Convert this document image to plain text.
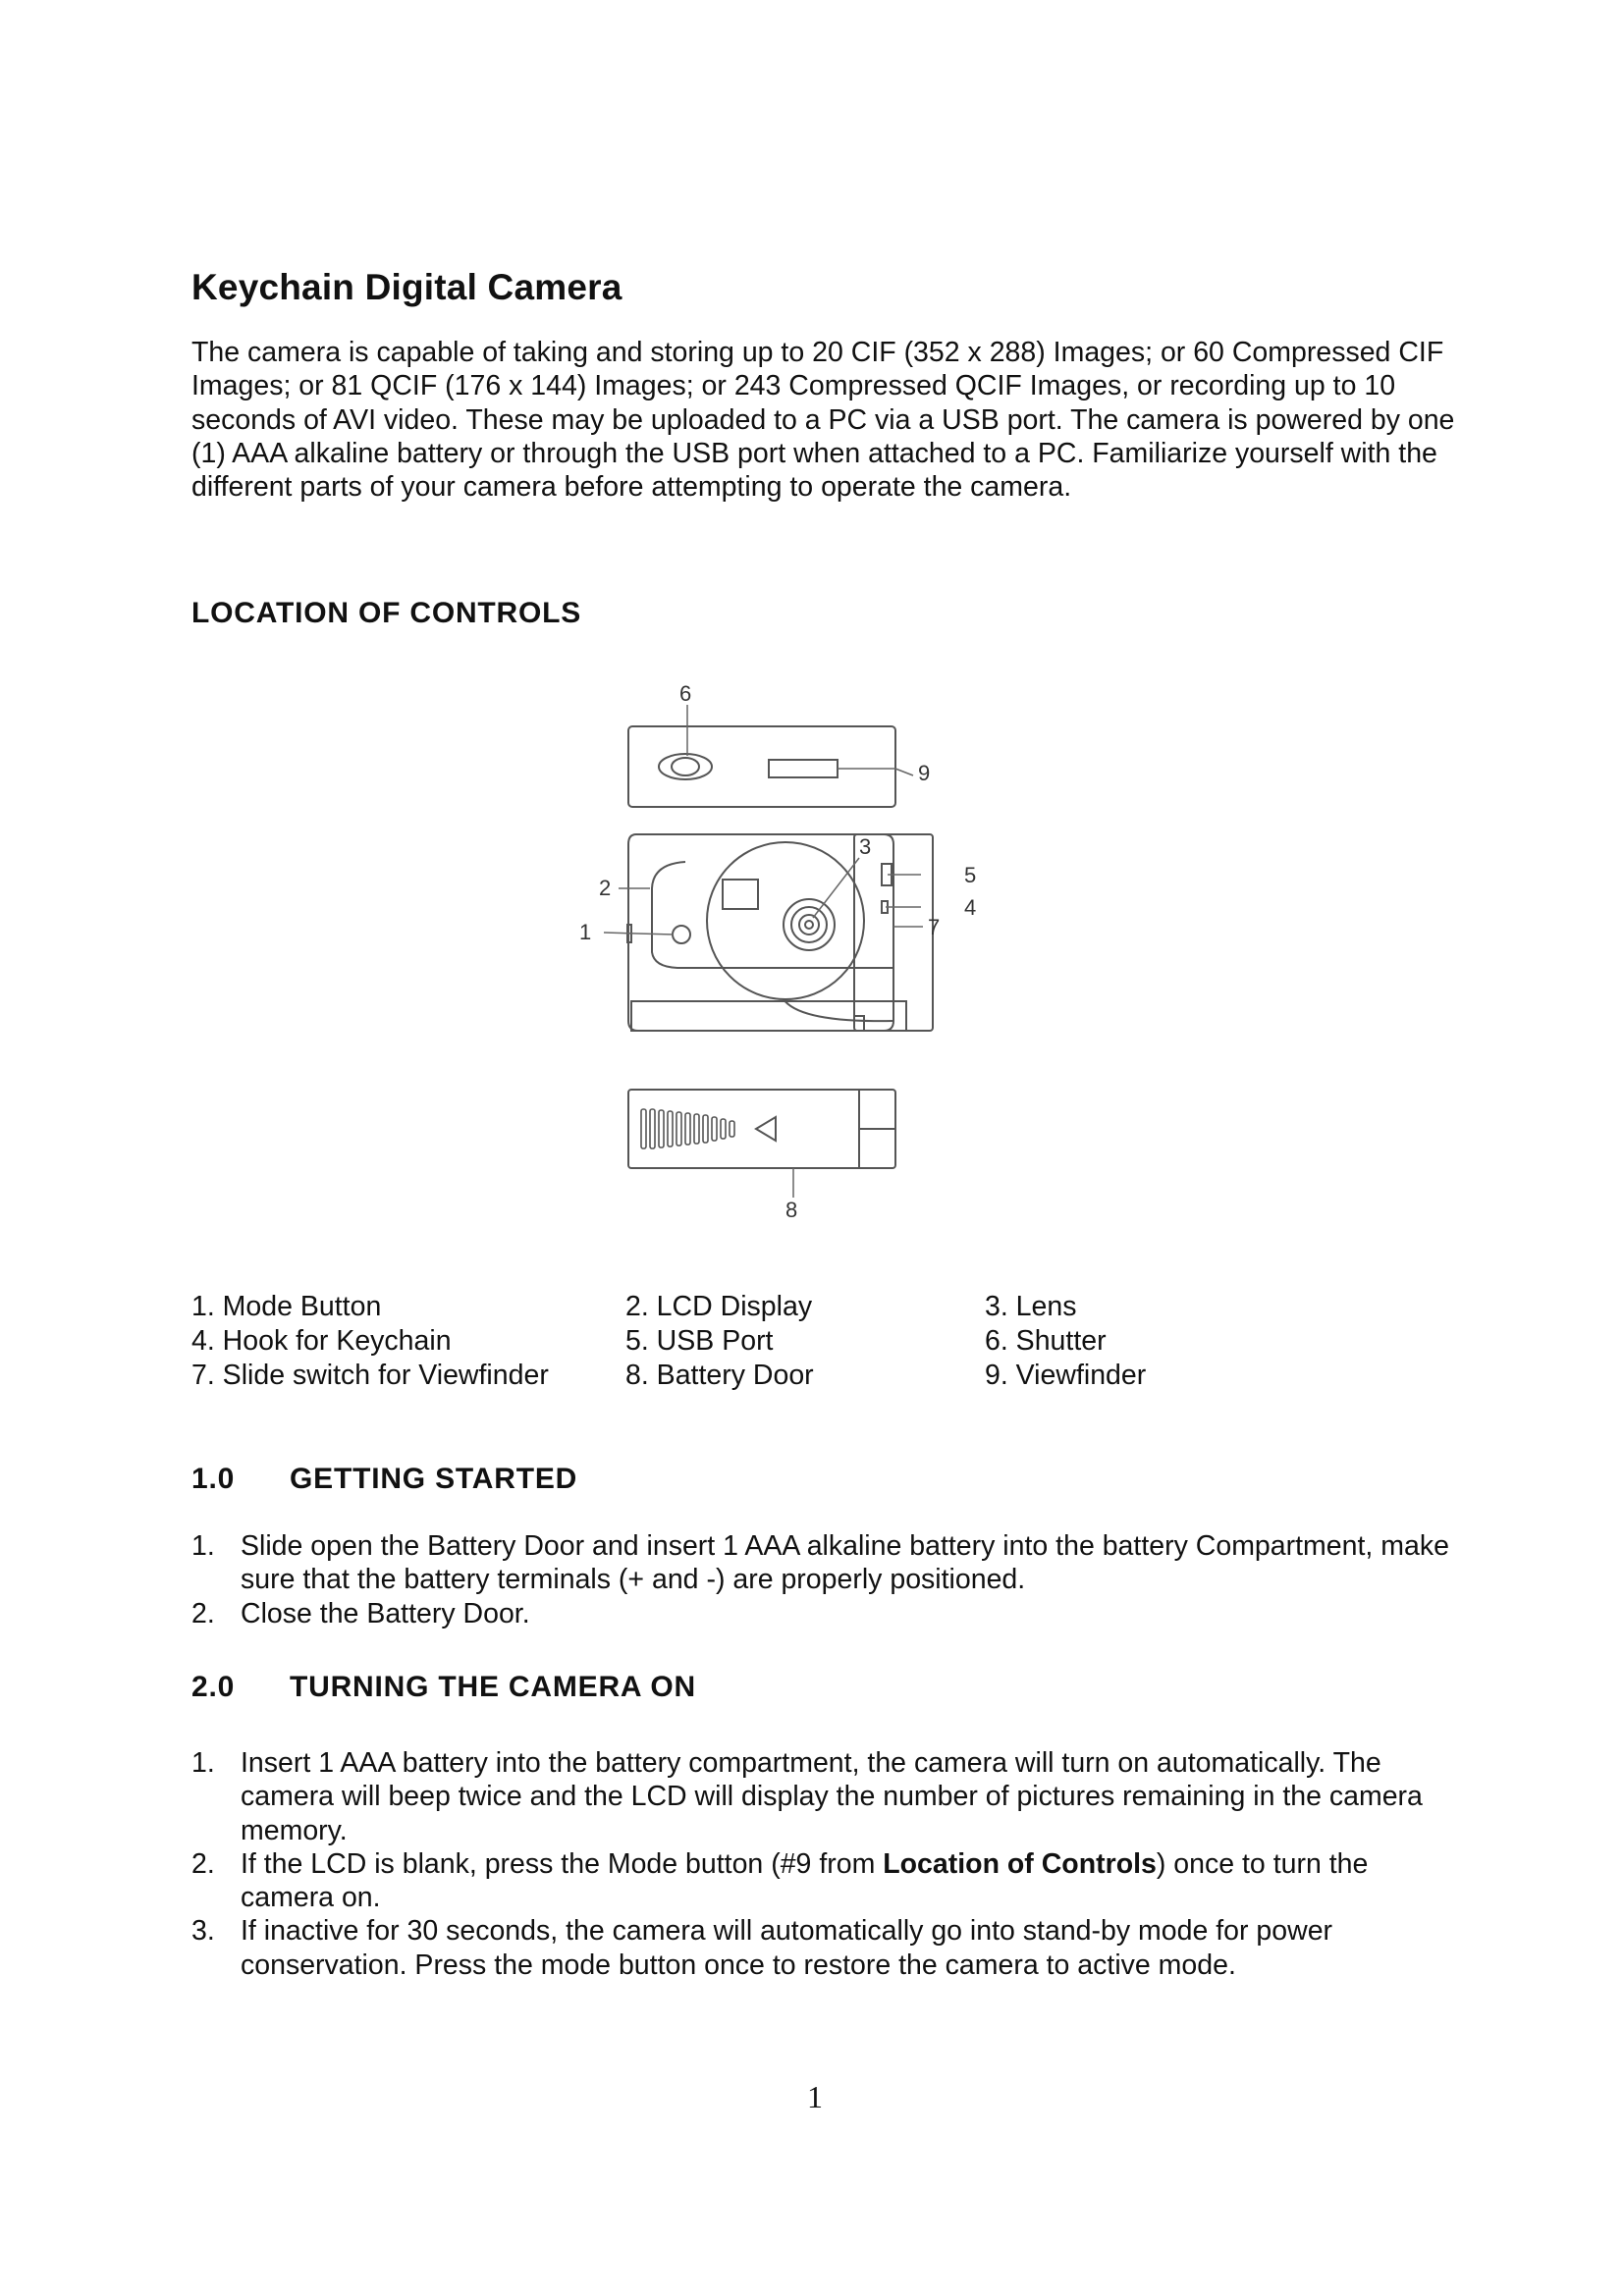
Keychain Digital Camera

The camera is capable of taking and storing up to 20 CIF (352 x 288) Images; or 60 Compressed CIF Images; or 81 QCIF (176 x 144) Images; or 243 Compressed QCIF Images, or recording up to 10 seconds of AVI video. These may be uploaded to a PC via a USB port. The camera is powered by one (1) AAA alkaline battery or through the USB port when attached to a PC. Familiarize yourself with the different parts of your camera before attempting to operate the camera.

LOCATION OF CONTROLS
6
9
3
2
1	7
5
4
8
1. Mode Button	2. LCD Display	3. Lens
4. Hook for Keychain	5. USB Port	6. Shutter
7. Slide switch for Viewfinder	8. Battery Door	9. Viewfinder
1.0 GETTING STARTED
1. Slide open the Battery Door and insert 1 AAA alkaline battery into the battery Compartment, make sure that the battery terminals (+ and -) are properly positioned.
2. Close the Battery Door.
2.0 TURNING THE CAMERA ON
1. Insert 1 AAA battery into the battery compartment, the camera will turn on automatically. The camera will beep twice and the LCD will display the number of pictures remaining in the camera memory.
2. If the LCD is blank, press the Mode button (#9 from Location of Controls) once to turn the camera on.
3. If inactive for 30 seconds, the camera will automatically go into stand-by mode for power conservation. Press the mode button once to restore the camera to active mode.
1
